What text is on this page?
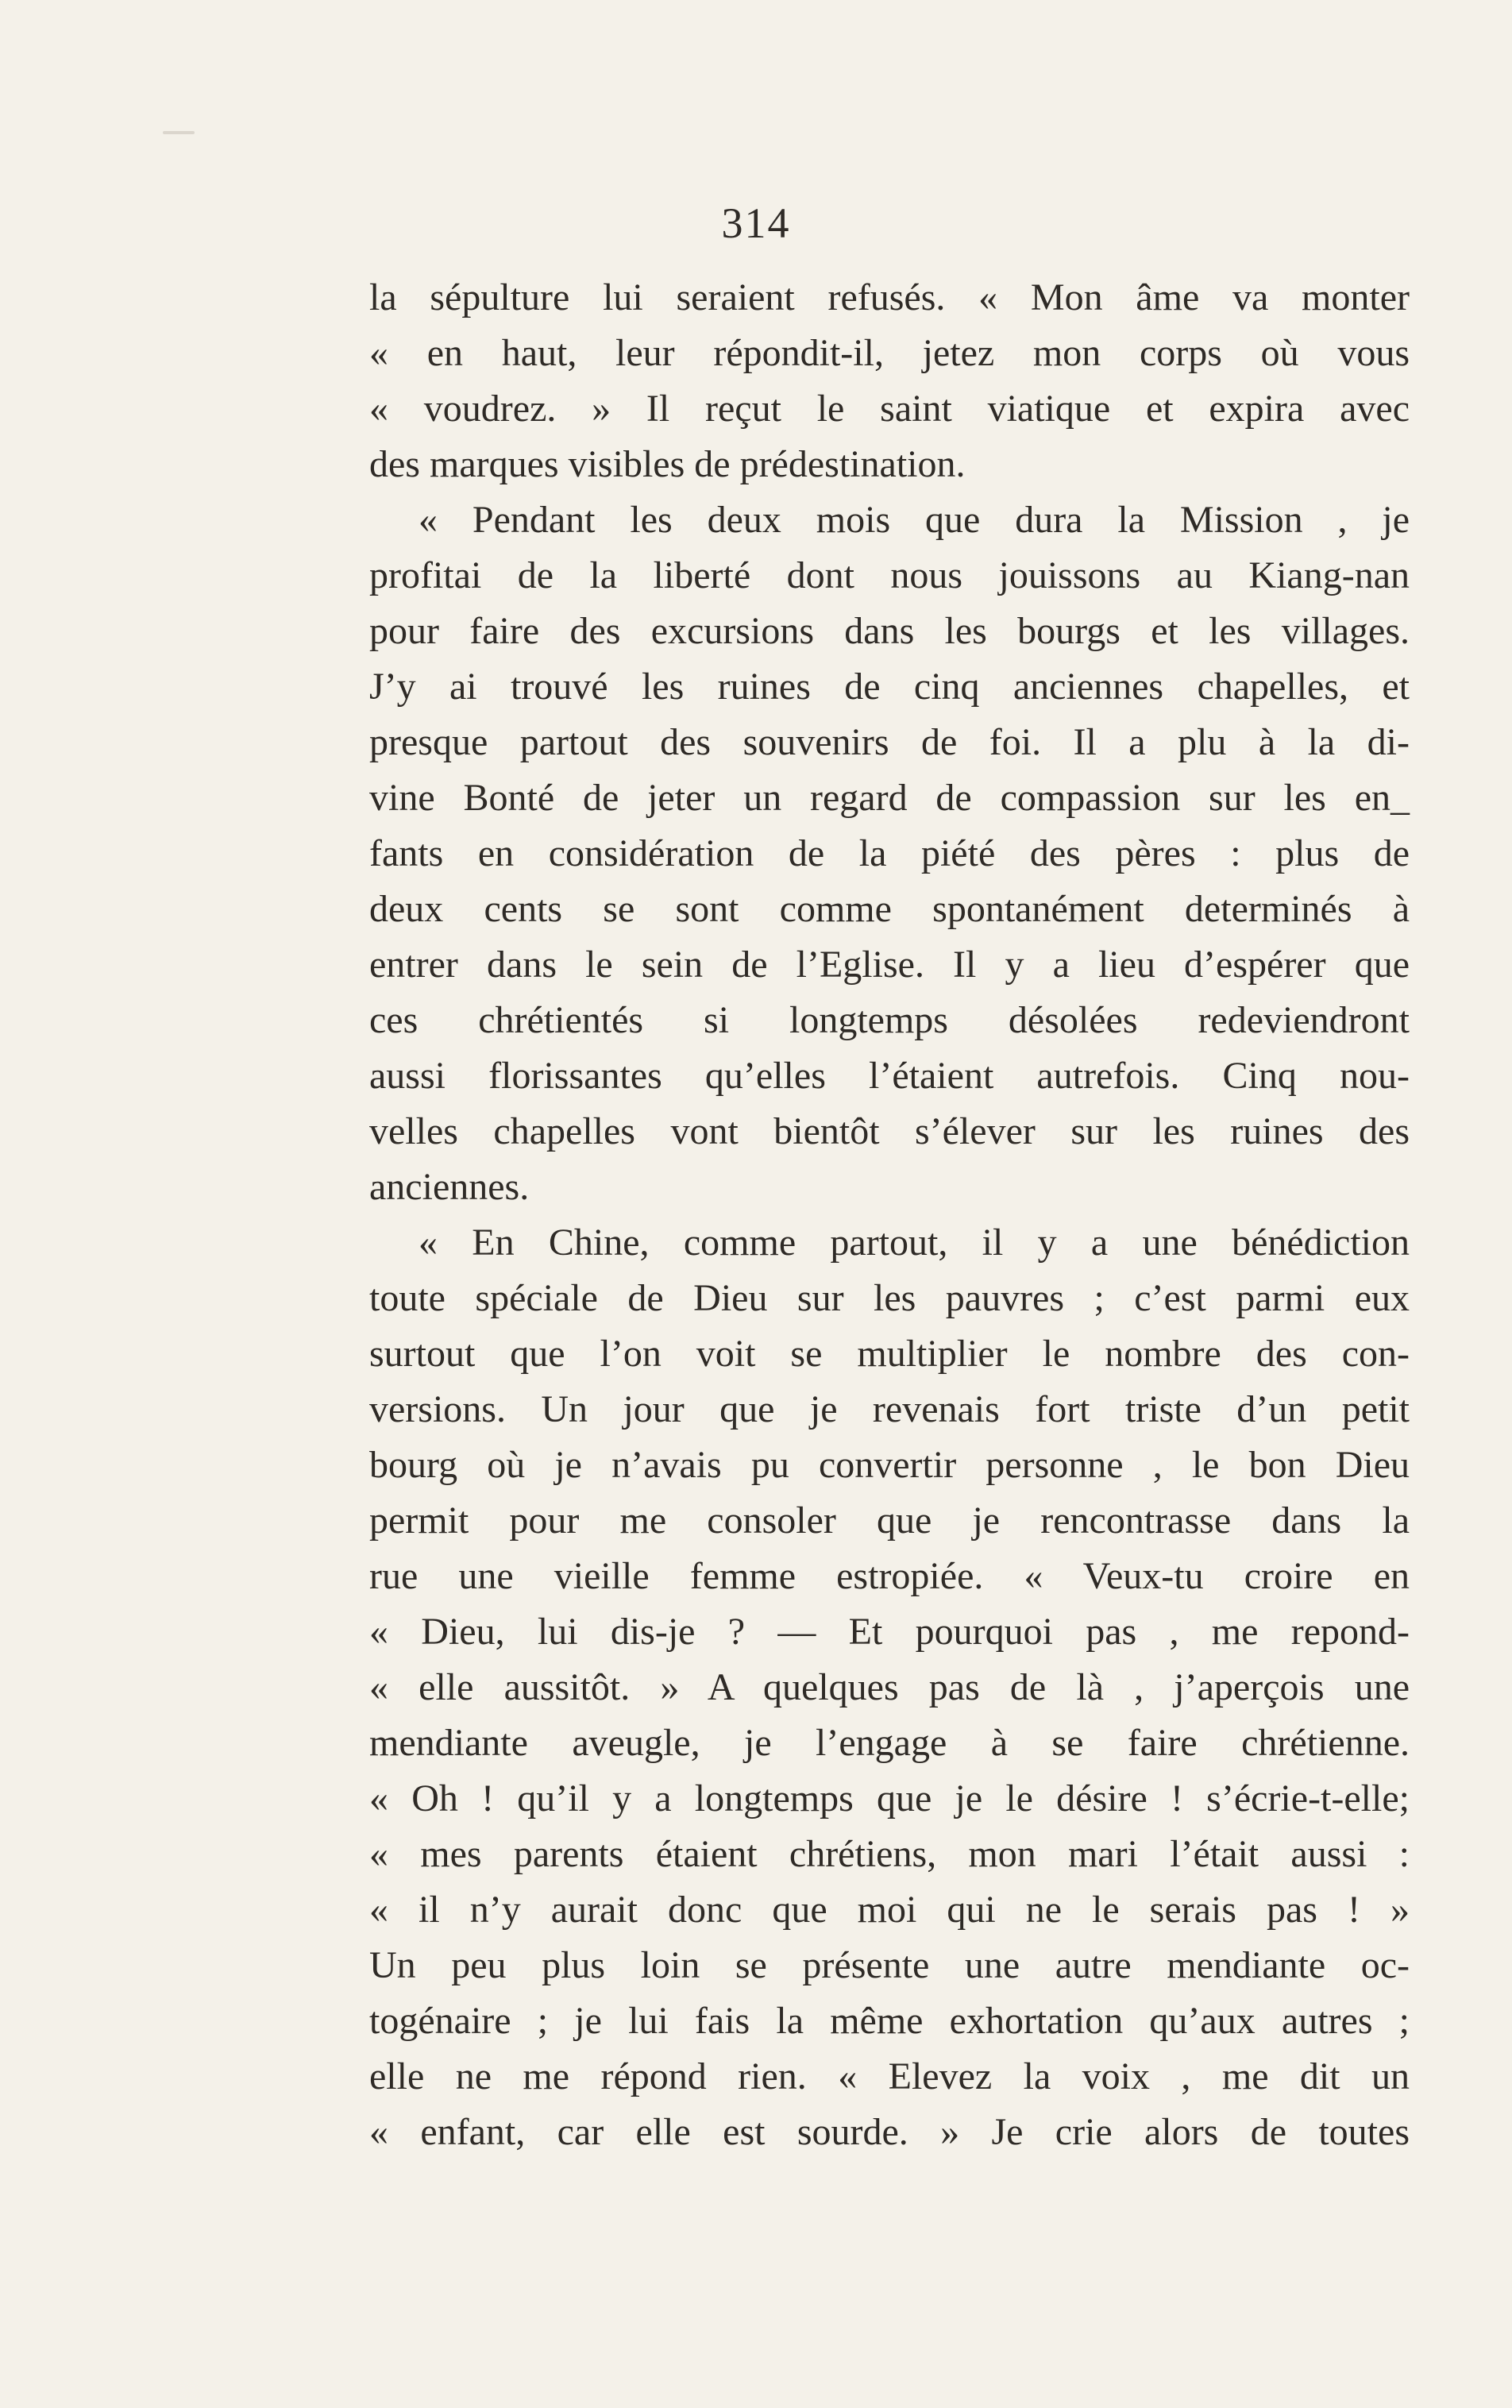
314
la sépulture lui seraient refusés. « Mon âme va monter
« en haut, leur répondit-il, jetez mon corps où vous
« voudrez. » Il reçut le saint viatique et expira avec
des marques visibles de prédestination.
« Pendant les deux mois que dura la Mission , je
profitai de la liberté dont nous jouissons au Kiang-nan
pour faire des excursions dans les bourgs et les villages.
J’y ai trouvé les ruines de cinq anciennes chapelles, et
presque partout des souvenirs de foi. Il a plu à la di-
vine Bonté de jeter un regard de compassion sur les en_
fants en considération de la piété des pères : plus de
deux cents se sont comme spontanément determinés à
entrer dans le sein de l’Eglise. Il y a lieu d’espérer que
ces chrétientés si longtemps désolées redeviendront
aussi florissantes qu’elles l’étaient autrefois. Cinq nou-
velles chapelles vont bientôt s’élever sur les ruines des
anciennes.
« En Chine, comme partout, il y a une bénédiction
toute spéciale de Dieu sur les pauvres ; c’est parmi eux
surtout que l’on voit se multiplier le nombre des con-
versions. Un jour que je revenais fort triste d’un petit
bourg où je n’avais pu convertir personne , le bon Dieu
permit pour me consoler que je rencontrasse dans la
rue une vieille femme estropiée. « Veux-tu croire en
« Dieu, lui dis-je ? — Et pourquoi pas , me repond-
« elle aussitôt. » A quelques pas de là , j’aperçois une
mendiante aveugle, je l’engage à se faire chrétienne.
« Oh ! qu’il y a longtemps que je le désire ! s’écrie-t-elle;
« mes parents étaient chrétiens, mon mari l’était aussi :
« il n’y aurait donc que moi qui ne le serais pas ! »
Un peu plus loin se présente une autre mendiante oc-
togénaire ; je lui fais la même exhortation qu’aux autres ;
elle ne me répond rien. « Elevez la voix , me dit un
« enfant, car elle est sourde. » Je crie alors de toutes
